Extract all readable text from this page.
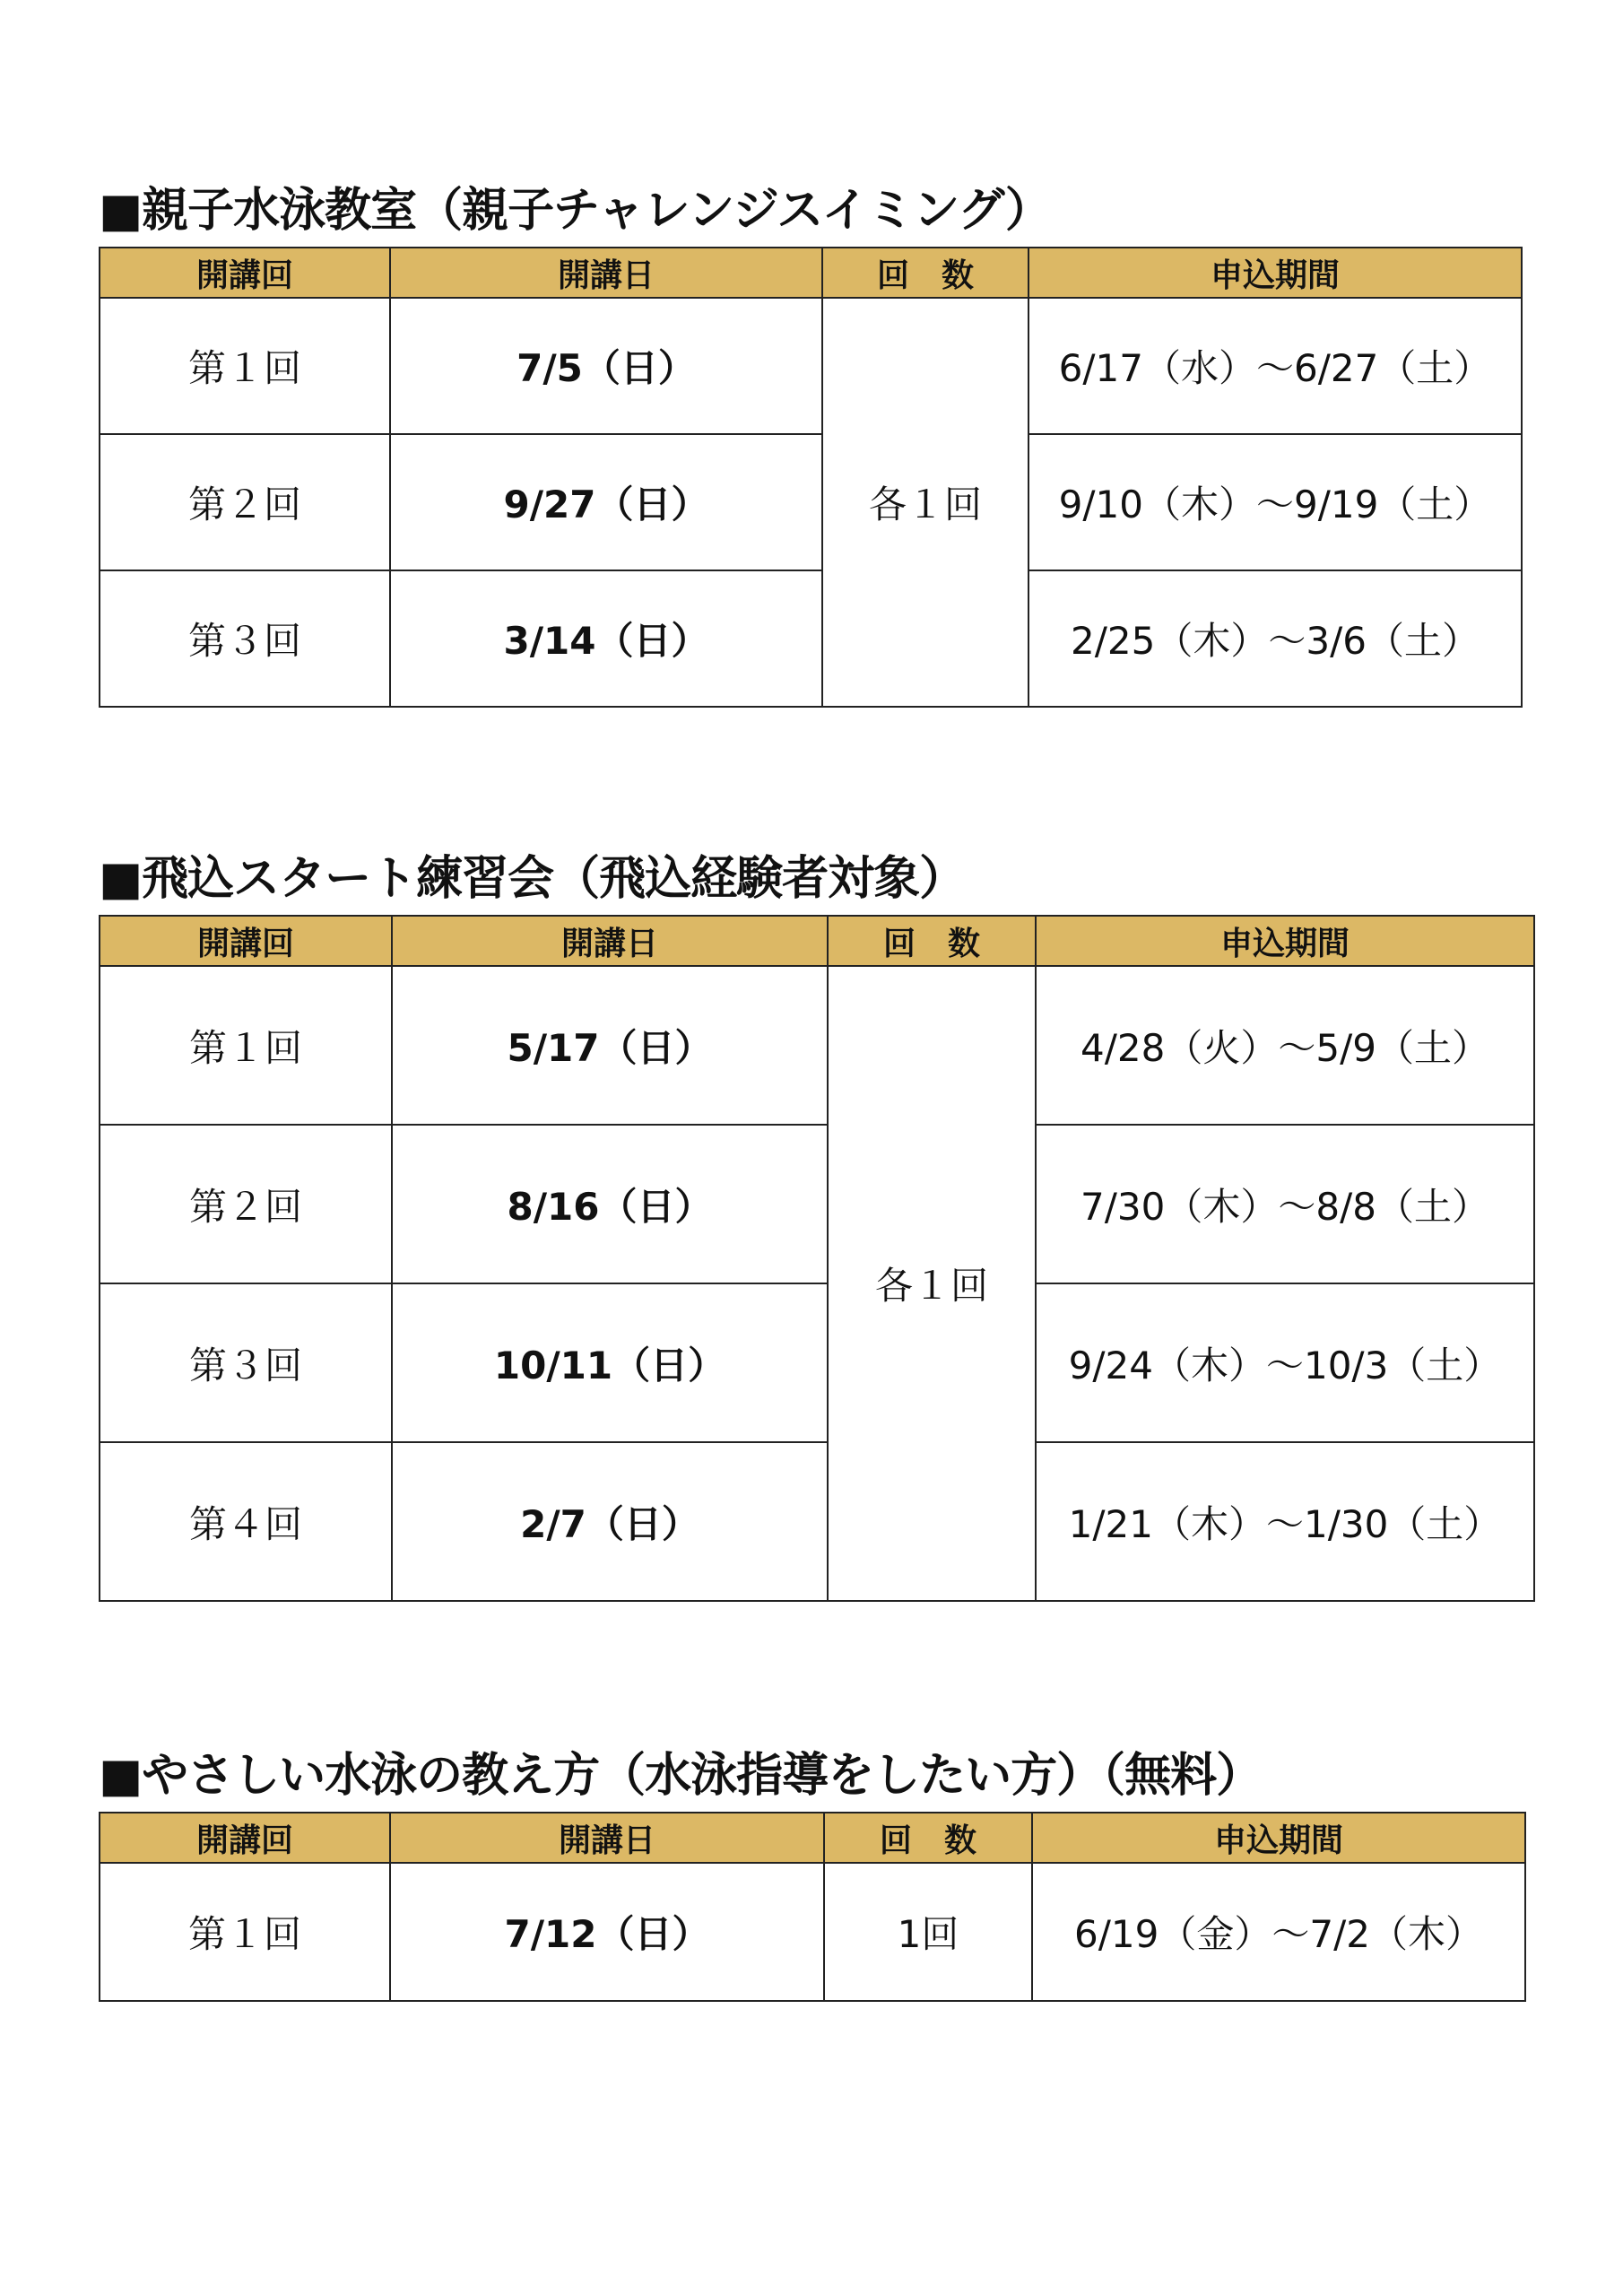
■親子水泳教室（親子チャレンジスイミング）
開講回	開講日	回　数	申込期間
第１回	7/5（日）	各１回	6/17（水）～6/27（土）
第２回	9/27（日）		9/10（木）～9/19（土）
第３回	3/14（日）		2/25（木）～3/6（土）
■飛込スタート練習会（飛込経験者対象）
開講回	開講日	回　数	申込期間
第１回	5/17（日）	各１回	4/28（火）～5/9（土）
第２回	8/16（日）		7/30（木）～8/8（土）
第３回	10/11（日）		9/24（木）～10/3（土）
第４回	2/7（日）		1/21（木）～1/30（土）
■やさしい水泳の教え方（水泳指導をしたい方）（無料）
開講回	開講日	回　数	申込期間
第１回	7/12（日）	1回	6/19（金）～7/2（木）
